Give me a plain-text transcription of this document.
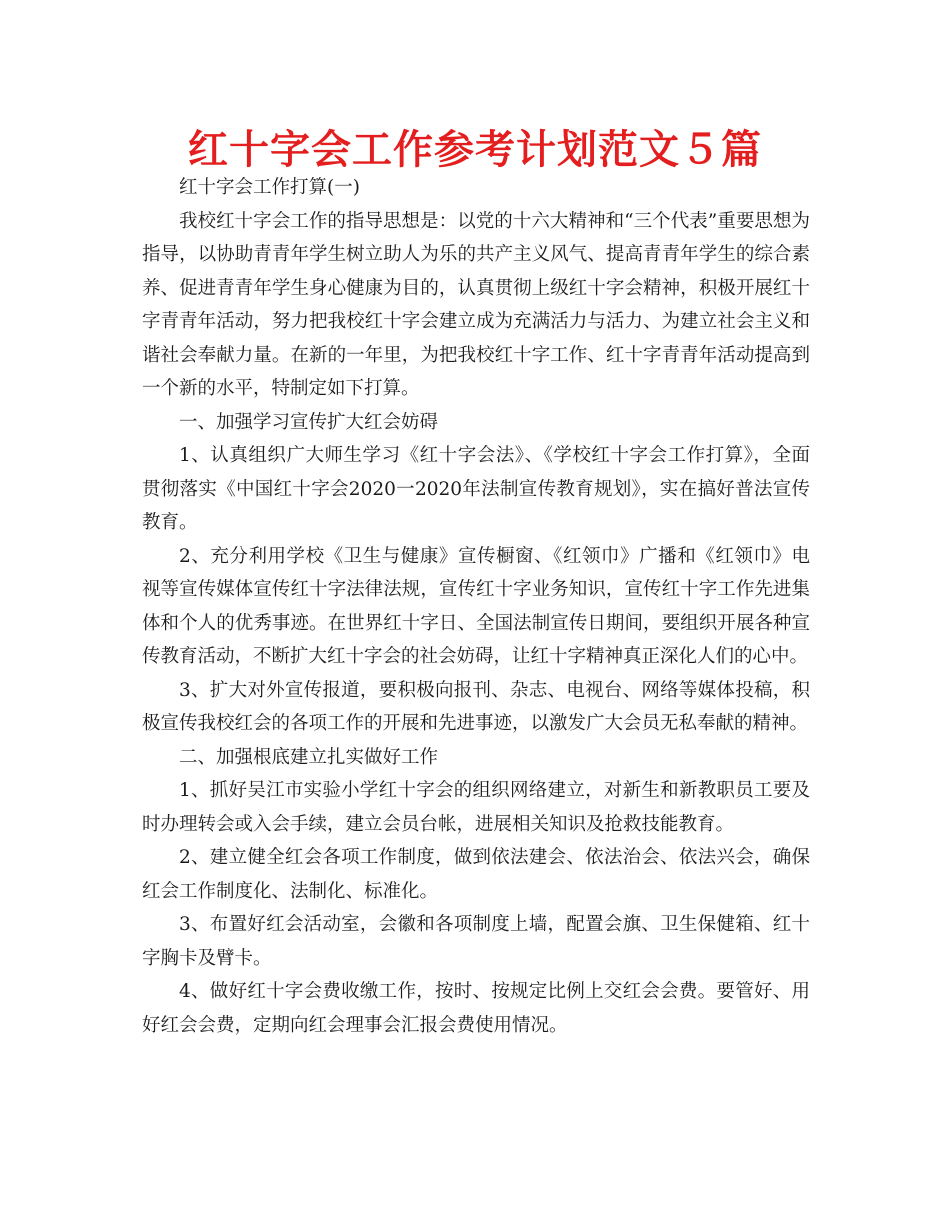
红十字会工作参考计划范文５篇

红十字会工作打算(一)

我校红十字会工作的指导思想是：以党的十六大精神和“三个代表”重要思想为指导，以协助青青年学生树立助人为乐的共产主义风气、提高青青年学生的综合素养、促进青青年学生身心健康为目的，认真贯彻上级红十字会精神，积极开展红十字青青年活动，努力把我校红十字会建立成为充满活力与活力、为建立社会主义和谐社会奉献力量。在新的一年里，为把我校红十字工作、红十字青青年活动提高到一个新的水平，特制定如下打算。

一、加强学习宣传扩大红会妨碍

1、认真组织广大师生学习《红十字会法》、《学校红十字会工作打算》，全面贯彻落实《中国红十字会2020一2020年法制宣传教育规划》，实在搞好普法宣传教育。

2、充分利用学校《卫生与健康》宣传橱窗、《红领巾》广播和《红领巾》电视等宣传媒体宣传红十字法律法规，宣传红十字业务知识，宣传红十字工作先进集体和个人的优秀事迹。在世界红十字日、全国法制宣传日期间，要组织开展各种宣传教育活动，不断扩大红十字会的社会妨碍，让红十字精神真正深化人们的心中。

3、扩大对外宣传报道，要积极向报刊、杂志、电视台、网络等媒体投稿，积极宣传我校红会的各项工作的开展和先进事迹，以激发广大会员无私奉献的精神。

二、加强根底建立扎实做好工作

1、抓好吴江市实验小学红十字会的组织网络建立，对新生和新教职员工要及时办理转会或入会手续，建立会员台帐，进展相关知识及抢救技能教育。

2、建立健全红会各项工作制度，做到依法建会、依法治会、依法兴会，确保红会工作制度化、法制化、标准化。

3、布置好红会活动室，会徽和各项制度上墙，配置会旗、卫生保健箱、红十字胸卡及臂卡。

4、做好红十字会费收缴工作，按时、按规定比例上交红会会费。要管好、用好红会会费，定期向红会理事会汇报会费使用情况。
